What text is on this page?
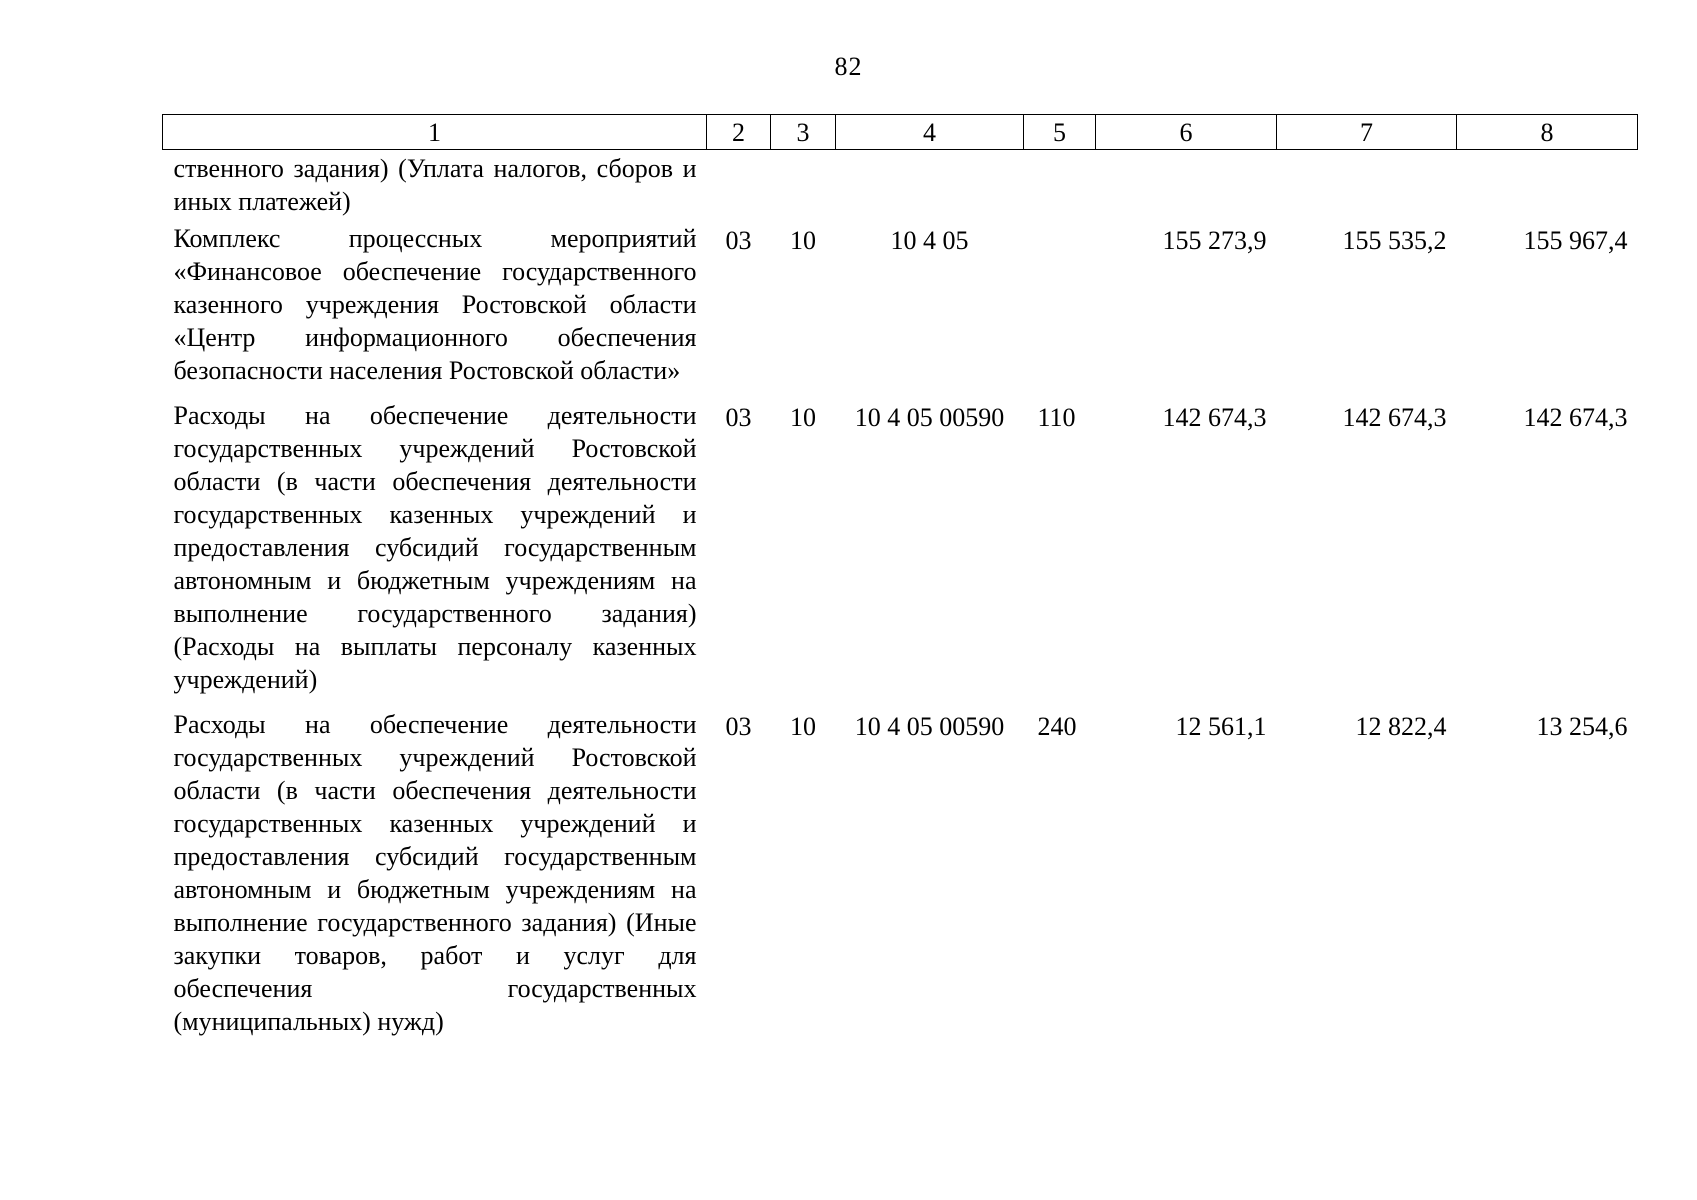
82
1	2	3	4	5	6	7	8
ственного задания) (Уплата налогов, сборов и иных платежей)							
Комплекс процессных мероприятий «Финансовое обеспечение государственного казенного учреждения Ростовской области «Центр информационного обеспечения безопасности населения Ростовской области»	03	10	10 4 05		155 273,9	155 535,2	155 967,4
Расходы на обеспечение деятельности государственных учреждений Ростовской области (в части обеспечения деятельности государственных казенных учреждений и предоставления субсидий государственным автономным и бюджетным учреждениям на выполнение государственного задания) (Расходы на выплаты персоналу казенных учреждений)	03	10	10 4 05 00590	110	142 674,3	142 674,3	142 674,3
Расходы на обеспечение деятельности государственных учреждений Ростовской области (в части обеспечения деятельности государственных казенных учреждений и предоставления субсидий государственным автономным и бюджетным учреждениям на выполнение государственного задания) (Иные закупки товаров, работ и услуг для обеспечения государственных (муниципальных) нужд)	03	10	10 4 05 00590	240	12 561,1	12 822,4	13 254,6
